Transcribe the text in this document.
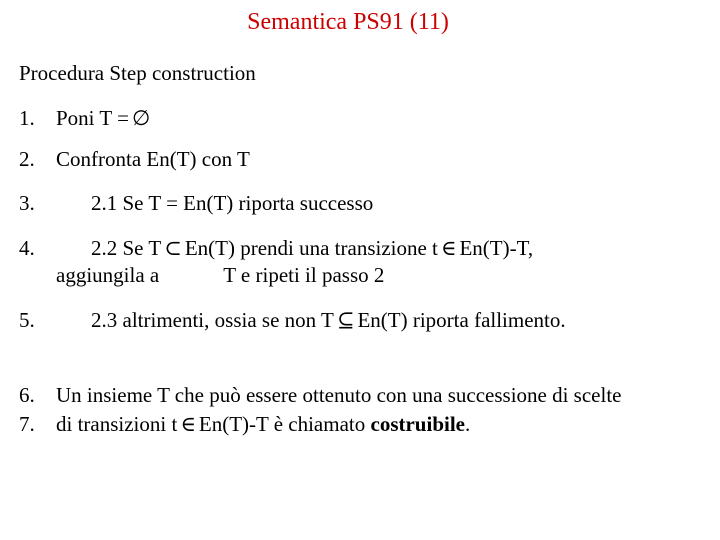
Semantica PS91 (11)
Procedura Step construction
1. Poni T = ∅
2. Confronta En(T) con T
3.	2.1 Se T = En(T) riporta successo
4.	2.2 Se T ⊂ En(T) prendi una transizione t ∈ En(T)-T,
aggiungila a	T e ripeti il passo 2
5.	2.3 altrimenti, ossia se non T ⊆ En(T) riporta fallimento.
6. Un insieme T che può essere ottenuto con una successione di scelte
7. di transizioni t ∈ En(T)-T è chiamato costruibile.
